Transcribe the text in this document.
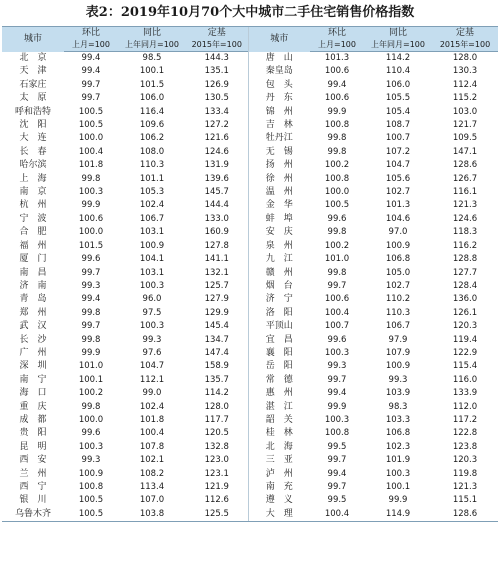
表2：2019年10月70个大中城市二手住宅销售价格指数
城市	环比	同比	定基	城市	环比	同比	定基
	上月=100	上年同月=100	2015年=100		上月=100	上年同月=100	2015年=100
北　京	99.4	98.5	144.3	唐　山	101.3	114.2	128.0
天　津	99.4	100.1	135.1	秦皇岛	100.6	110.4	130.3
石家庄	99.7	101.5	126.9	包　头	99.4	106.0	112.4
太　原	99.7	106.0	130.5	丹　东	100.6	105.5	115.2
呼和浩特	100.5	116.4	133.4	锦　州	99.9	105.4	103.0
沈　阳	100.5	109.6	127.2	吉　林	100.8	108.7	121.7
大　连	100.0	106.2	121.6	牡丹江	99.8	100.7	109.5
长　春	100.4	108.0	124.6	无　锡	99.8	107.2	147.1
哈尔滨	101.8	110.3	131.9	扬　州	100.2	104.7	128.6
上　海	99.8	101.1	139.6	徐　州	100.8	105.6	126.7
南　京	100.3	105.3	145.7	温　州	100.0	102.7	116.1
杭　州	99.9	102.4	144.4	金　华	100.5	101.3	121.3
宁　波	100.6	106.7	133.0	蚌　埠	99.6	104.6	124.6
合　肥	100.0	103.1	160.9	安　庆	99.8	97.0	118.3
福　州	101.5	100.9	127.8	泉　州	100.2	100.9	116.2
厦　门	99.6	104.1	141.1	九　江	101.0	106.8	128.8
南　昌	99.7	103.1	132.1	赣　州	99.8	105.0	127.7
济　南	99.3	100.3	125.7	烟　台	99.7	102.7	128.4
青　岛	99.4	96.0	127.9	济　宁	100.6	110.2	136.0
郑　州	99.8	97.5	129.9	洛　阳	100.4	110.3	126.1
武　汉	99.7	100.3	145.4	平顶山	100.7	106.7	120.3
长　沙	99.8	99.3	134.7	宜　昌	99.6	97.9	119.4
广　州	99.9	97.6	147.4	襄　阳	100.3	107.9	122.9
深　圳	101.0	104.7	158.9	岳　阳	99.3	100.9	115.4
南　宁	100.1	112.1	135.7	常　德	99.7	99.3	116.0
海　口	100.2	99.0	114.2	惠　州	99.4	103.9	133.9
重　庆	99.8	102.4	128.0	湛　江	99.9	98.3	112.0
成　都	100.0	101.8	117.7	韶　关	100.3	103.3	117.2
贵　阳	99.6	100.4	120.5	桂　林	100.8	106.8	122.8
昆　明	100.3	107.8	132.8	北　海	99.5	102.3	123.8
西　安	99.3	102.1	123.0	三　亚	99.7	101.9	120.3
兰　州	100.9	108.2	123.1	泸　州	99.4	100.3	119.8
西　宁	100.8	113.4	121.9	南　充	99.7	100.1	121.3
银　川	100.5	107.0	112.6	遵　义	99.5	99.9	115.1
乌鲁木齐	100.5	103.8	125.5	大　理	100.4	114.9	128.6
